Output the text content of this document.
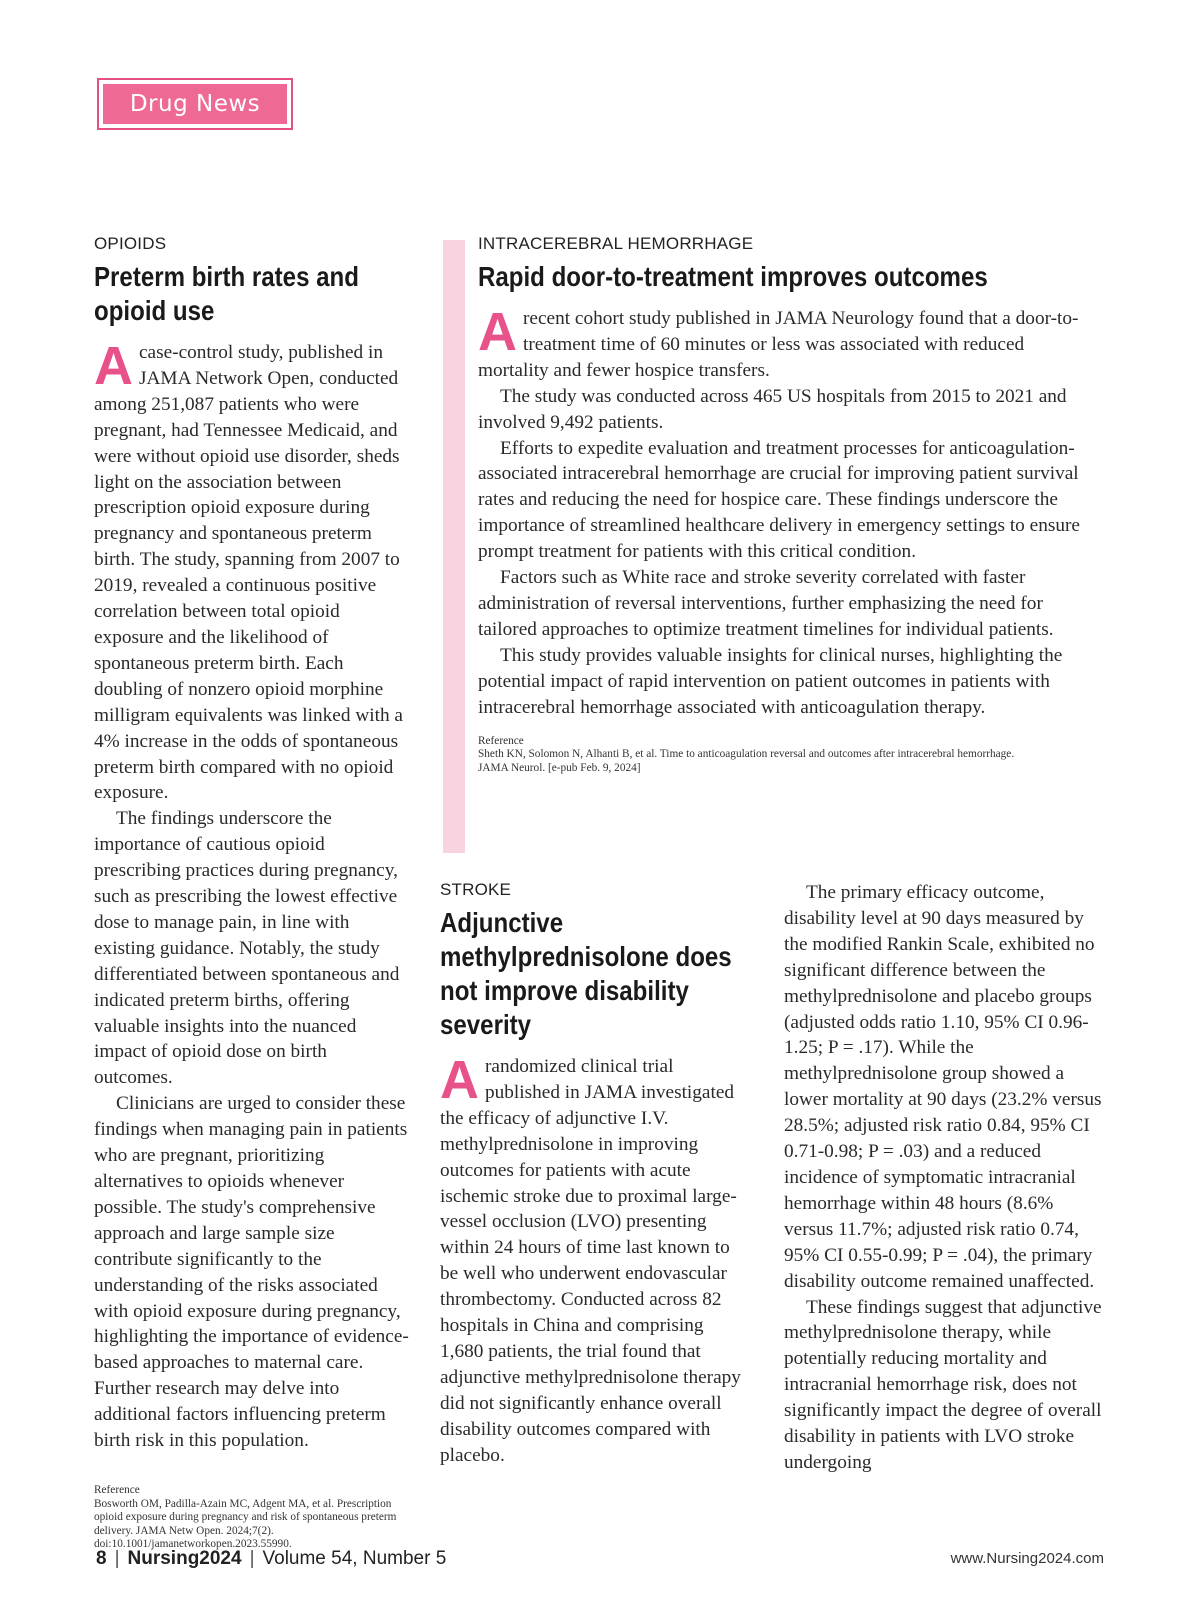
Drug News
OPIOIDS
Preterm birth rates and opioid use

Acase-control study, published in JAMA Network Open, conducted among 251,087 patients who were pregnant, had Tennessee Medicaid, and were without opioid use disorder, sheds light on the association between prescription opioid exposure during pregnancy and spontaneous preterm birth. The study, spanning from 2007 to 2019, revealed a continuous positive correlation between total opioid exposure and the likelihood of spontaneous preterm birth. Each doubling of nonzero opioid morphine milligram equivalents was linked with a 4% increase in the odds of spontaneous preterm birth compared with no opioid exposure.

The findings underscore the importance of cautious opioid prescribing practices during pregnancy, such as prescribing the lowest effective dose to manage pain, in line with existing guidance. Notably, the study differentiated between spontaneous and indicated preterm births, offering valuable insights into the nuanced impact of opioid dose on birth outcomes.

Clinicians are urged to consider these findings when managing pain in patients who are pregnant, prioritizing alternatives to opioids whenever possible. The study's comprehensive approach and large sample size contribute significantly to the understanding of the risks associated with opioid exposure during pregnancy, highlighting the importance of evidence-based approaches to maternal care. Further research may delve into additional factors influencing preterm birth risk in this population.

Reference
Bosworth OM, Padilla-Azain MC, Adgent MA, et al. Prescription opioid exposure during pregnancy and risk of spontaneous preterm delivery. JAMA Netw Open. 2024;7(2). doi:10.1001/jamanetworkopen.2023.55990.
INTRACEREBRAL HEMORRHAGE
Rapid door-to-treatment improves outcomes

Arecent cohort study published in JAMA Neurology found that a door-to-treatment time of 60 minutes or less was associated with reduced mortality and fewer hospice transfers.

The study was conducted across 465 US hospitals from 2015 to 2021 and involved 9,492 patients.

Efforts to expedite evaluation and treatment processes for anticoagulation-associated intracerebral hemorrhage are crucial for improving patient survival rates and reducing the need for hospice care. These findings underscore the importance of streamlined healthcare delivery in emergency settings to ensure prompt treatment for patients with this critical condition.

Factors such as White race and stroke severity correlated with faster administration of reversal interventions, further emphasizing the need for tailored approaches to optimize treatment timelines for individual patients.

This study provides valuable insights for clinical nurses, highlighting the potential impact of rapid intervention on patient outcomes in patients with intracerebral hemorrhage associated with anticoagulation therapy.

Reference
Sheth KN, Solomon N, Alhanti B, et al. Time to anticoagulation reversal and outcomes after intracerebral hemorrhage. JAMA Neurol. [e-pub Feb. 9, 2024]
STROKE
Adjunctive methylprednisolone does not improve disability severity

Arandomized clinical trial published in JAMA investigated the efficacy of adjunctive I.V. methylprednisolone in improving outcomes for patients with acute ischemic stroke due to proximal large-vessel occlusion (LVO) presenting within 24 hours of time last known to be well who underwent endovascular thrombectomy. Conducted across 82 hospitals in China and comprising 1,680 patients, the trial found that adjunctive methylprednisolone therapy did not significantly enhance overall disability outcomes compared with placebo.

The primary efficacy outcome, disability level at 90 days measured by the modified Rankin Scale, exhibited no significant difference between the methylprednisolone and placebo groups (adjusted odds ratio 1.10, 95% CI 0.96-1.25; P = .17). While the methylprednisolone group showed a lower mortality at 90 days (23.2% versus 28.5%; adjusted risk ratio 0.84, 95% CI 0.71-0.98; P = .03) and a reduced incidence of symptomatic intracranial hemorrhage within 48 hours (8.6% versus 11.7%; adjusted risk ratio 0.74, 95% CI 0.55-0.99; P = .04), the primary disability outcome remained unaffected.

These findings suggest that adjunctive methylprednisolone therapy, while potentially reducing mortality and intracranial hemorrhage risk, does not significantly impact the degree of overall disability in patients with LVO stroke undergoing

8 | Nursing2024 | Volume 54, Number 5	www.Nursing2024.com
